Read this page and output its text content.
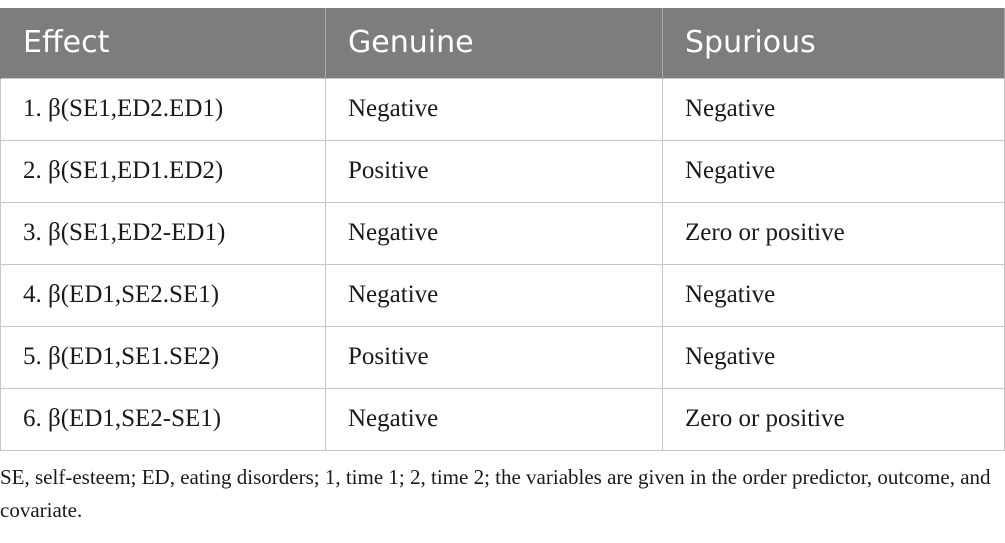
Effect	Genuine	Spurious
1. β(SE1,ED2.ED1)	Negative	Negative
2. β(SE1,ED1.ED2)	Positive	Negative
3. β(SE1,ED2-ED1)	Negative	Zero or positive
4. β(ED1,SE2.SE1)	Negative	Negative
5. β(ED1,SE1.SE2)	Positive	Negative
6. β(ED1,SE2-SE1)	Negative	Zero or positive
SE, self-esteem; ED, eating disorders; 1, time 1; 2, time 2; the variables are given in the order predictor, outcome, and covariate.
